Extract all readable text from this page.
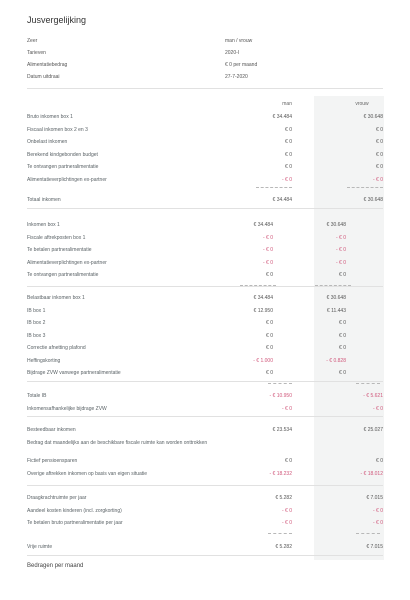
Jusvergelijking
Zeer	man / vrouw
Tarieven	2020-I
Alimentatiebedrag	€ 0 per maand
Datum uitdraai	27-7-2020
man	vrouw
Bruto inkomen box 1	€ 34.484	€ 30.648
Fiscaal inkomen box 2 en 3	€ 0	€ 0
Onbelast inkomen	€ 0	€ 0
Berekend kindgebonden budget	€ 0	€ 0
Te ontvangen partneralimentatie	€ 0	€ 0
Alimentatieverplichtingen ex-partner	- € 0	- € 0
Totaal inkomen	€ 34.484	€ 30.648
Inkomen box 1	€ 34.484	€ 30.648
Fiscale aftrekposten box 1	- € 0	- € 0
Te betalen partneralimentatie	- € 0	- € 0
Alimentatieverplichtingen ex-partner	- € 0	- € 0
Te ontvangen partneralimentatie	€ 0	€ 0
Belastbaar inkomen box 1	€ 34.484	€ 30.648
IB box 1	€ 12.950	€ 11.443
IB box 2	€ 0	€ 0
IB box 3	€ 0	€ 0
Correctie afnetting plafond	€ 0	€ 0
Heffingskorting	- € 1.000	- € 0.828
Bijdrage ZVW vanwege partneralimentatie	€ 0	€ 0
Totale IB	- € 10.950	- € 5.621
Inkomensafhankelijke bijdrage ZVW	- € 0	- € 0
Besteedbaar inkomen	€ 23.534	€ 25.027
Bedrag dat maandelijks aan de beschikbare fiscale ruimte kan worden onttrokken
Fictief pensioensparen	€ 0	€ 0
Overige aftrekken inkomen op basis van eigen situatie	- € 18.232	- € 18.012
Draagkrachtruimte per jaar	€ 5.282	€ 7.015
Aandeel kosten kinderen (incl. zorgkorting)	- € 0	- € 0
Te betalen bruto partneralimentatie per jaar	- € 0	- € 0
Vrije ruimte	€ 5.282	€ 7.015
Bedragen per maand
